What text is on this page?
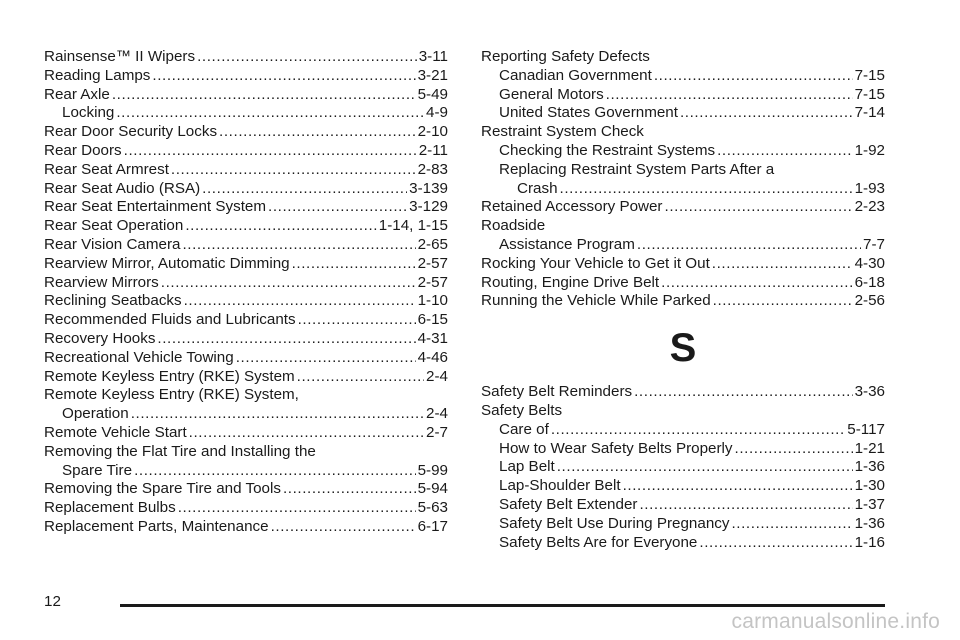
Rainsense™ II Wipers .....	3-11
Reading Lamps .....	3-21
Rear Axle .....	5-49
Locking .....	4-9
Rear Door Security Locks .....	2-10
Rear Doors .....	2-11
Rear Seat Armrest .....	2-83
Rear Seat Audio (RSA) .....	3-139
Rear Seat Entertainment System .....	3-129
Rear Seat Operation .....	1-14, 1-15
Rear Vision Camera .....	2-65
Rearview Mirror, Automatic Dimming .....	2-57
Rearview Mirrors .....	2-57
Reclining Seatbacks .....	1-10
Recommended Fluids and Lubricants .....	6-15
Recovery Hooks .....	4-31
Recreational Vehicle Towing .....	4-46
Remote Keyless Entry (RKE) System .....	2-4
Remote Keyless Entry (RKE) System,
Operation .....	2-4
Remote Vehicle Start .....	2-7
Removing the Flat Tire and Installing the
Spare Tire .....	5-99
Removing the Spare Tire and Tools .....	5-94
Replacement Bulbs .....	5-63
Replacement Parts, Maintenance .....	6-17
Reporting Safety Defects
Canadian Government .....	7-15
General Motors .....	7-15
United States Government .....	7-14
Restraint System Check
Checking the Restraint Systems .....	1-92
Replacing Restraint System Parts After a
Crash .....	1-93
Retained Accessory Power .....	2-23
Roadside
Assistance Program .....	7-7
Rocking Your Vehicle to Get it Out .....	4-30
Routing, Engine Drive Belt .....	6-18
Running the Vehicle While Parked .....	2-56
S
Safety Belt Reminders .....	3-36
Safety Belts
Care of .....	5-117
How to Wear Safety Belts Properly .....	1-21
Lap Belt .....	1-36
Lap-Shoulder Belt .....	1-30
Safety Belt Extender .....	1-37
Safety Belt Use During Pregnancy .....	1-36
Safety Belts Are for Everyone .....	1-16
12
carmanualsonline.info
